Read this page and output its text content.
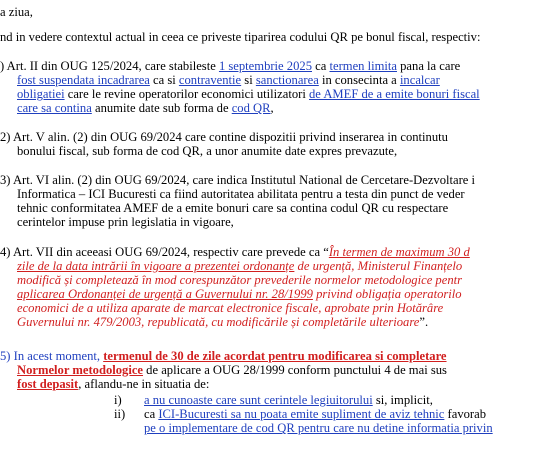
a ziua,
nd in vedere contextul actual in ceea ce priveste tiparirea codului QR pe bonul fiscal, respectiv:
) Art. II din OUG 125/2024, care stabileste 1 septembrie 2025 ca termen limita pana la care
fost suspendata incadrarea ca si contraventie si sanctionarea in consecinta a incalcar
obligatiei care le revine operatorilor economici utilizatori de AMEF de a emite bonuri fiscal
care sa contina anumite date sub forma de cod QR,
2) Art. V alin. (2) din OUG 69/2024 care contine dispozitii privind inserarea in continutu
bonului fiscal, sub forma de cod QR, a unor anumite date expres prevazute,
3) Art. VI alin. (2) din OUG 69/2024, care indica Institutul National de Cercetare-Dezvoltare i
Informatica – ICI Bucuresti ca fiind autoritatea abilitata pentru a testa din punct de veder
tehnic conformitatea AMEF de a emite bonuri care sa contina codul QR cu respectare
cerintelor impuse prin legislatia in vigoare,
4) Art. VII din aceeasi OUG 69/2024, respectiv care prevede ca “În termen de maximum 30 d
zile de la data intrării în vigoare a prezentei ordonanțe de urgență, Ministerul Finanțelo
modifică și completează în mod corespunzător prevederile normelor metodologice pentr
aplicarea Ordonanței de urgență a Guvernului nr. 28/1999 privind obligația operatorilo
economici de a utiliza aparate de marcat electronice fiscale, aprobate prin Hotărâre
Guvernului nr. 479/2003, republicată, cu modificările și completările ulterioare”.
5) In acest moment, termenul de 30 de zile acordat pentru modificarea si completare
Normelor metodologice de aplicare a OUG 28/1999 conform punctului 4 de mai sus
fost depasit, aflandu-ne in situatia de:
i) a nu cunoaste care sunt cerintele legiuitorului si, implicit,
ii) ca ICI-Bucuresti sa nu poata emite supliment de aviz tehnic favorab
pe o implementare de cod QR pentru care nu detine informatia privin
